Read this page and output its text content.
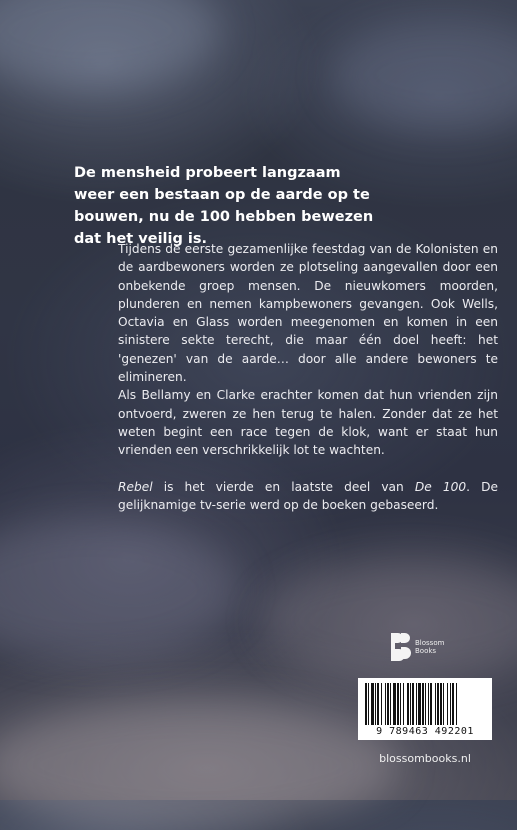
De mensheid probeert langzaam weer een bestaan op de aarde op te bouwen, nu de 100 hebben bewezen dat het veilig is.

Tijdens de eerste gezamenlijke feestdag van de Kolonisten en de aardbewoners worden ze plotseling aangevallen door een onbekende groep mensen. De nieuwkomers moorden, plunderen en nemen kampbewoners gevangen. Ook Wells, Octavia en Glass worden meegenomen en komen in een sinistere sekte terecht, die maar één doel heeft: het 'genezen' van de aarde… door alle andere bewoners te elimineren.

Als Bellamy en Clarke erachter komen dat hun vrienden zijn ontvoerd, zweren ze hen terug te halen. Zonder dat ze het weten begint een race tegen de klok, want er staat hun vrienden een verschrikkelijk lot te wachten.

Rebel is het vierde en laatste deel van De 100. De gelijknamige tv-serie werd op de boeken gebaseerd.

Blossom
Books
9 789463 492201
blossombooks.nl
